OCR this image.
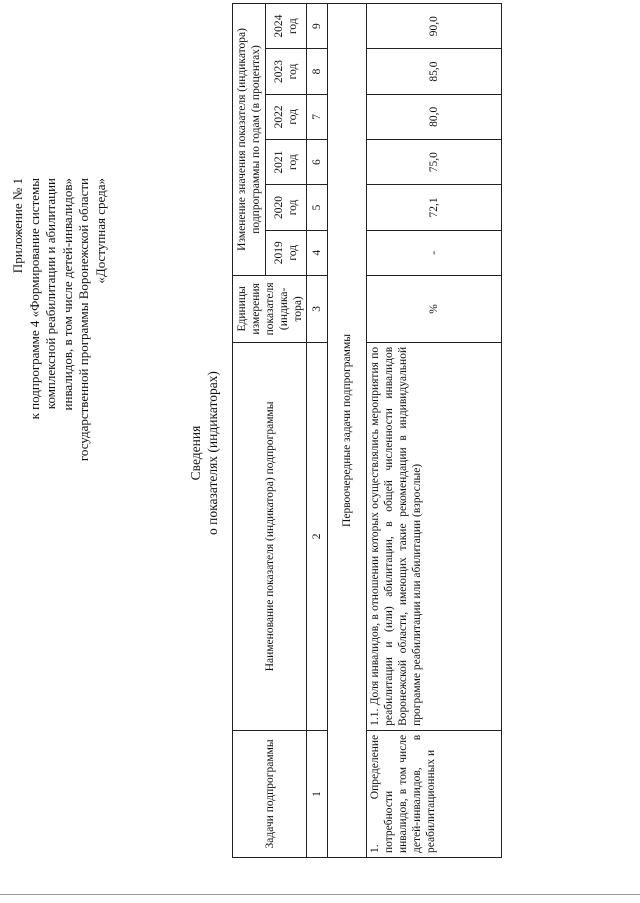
Приложение № 1 к подпрограмме 4 «Формирование системы комплексной реабилитации и абилитации инвалидов, в том числе детей-инвалидов» государственной программы Воронежской области «Доступная среда»
Сведения о показателях (индикаторах)
Задачи подпрограммы	Наименование показателя (индикатора) подпрограммы	Единицы измерения показателя (индика-тора)	Изменение значения показателя (индикатора) подпрограммы по годам (в процентах)					
			2019 год	2020 год	2021 год	2022 год	2023 год	2024 год
1	2	3	4	5	6	7	8	9
Первоочередные задачи подпрограммы								
1. Определение потребности инвалидов, в том числе детей-инвалидов, в реабилитационных и	1.1. Доля инвалидов, в отношении которых осуществлялись мероприятия по реабилитации и (или) абилитации, в общей численности инвалидов Воронежской области, имеющих такие рекомендации в индивидуальной программе реабилитации или абилитации (взрослые)	%	-	72,1	75,0	80,0	85,0	90,0
